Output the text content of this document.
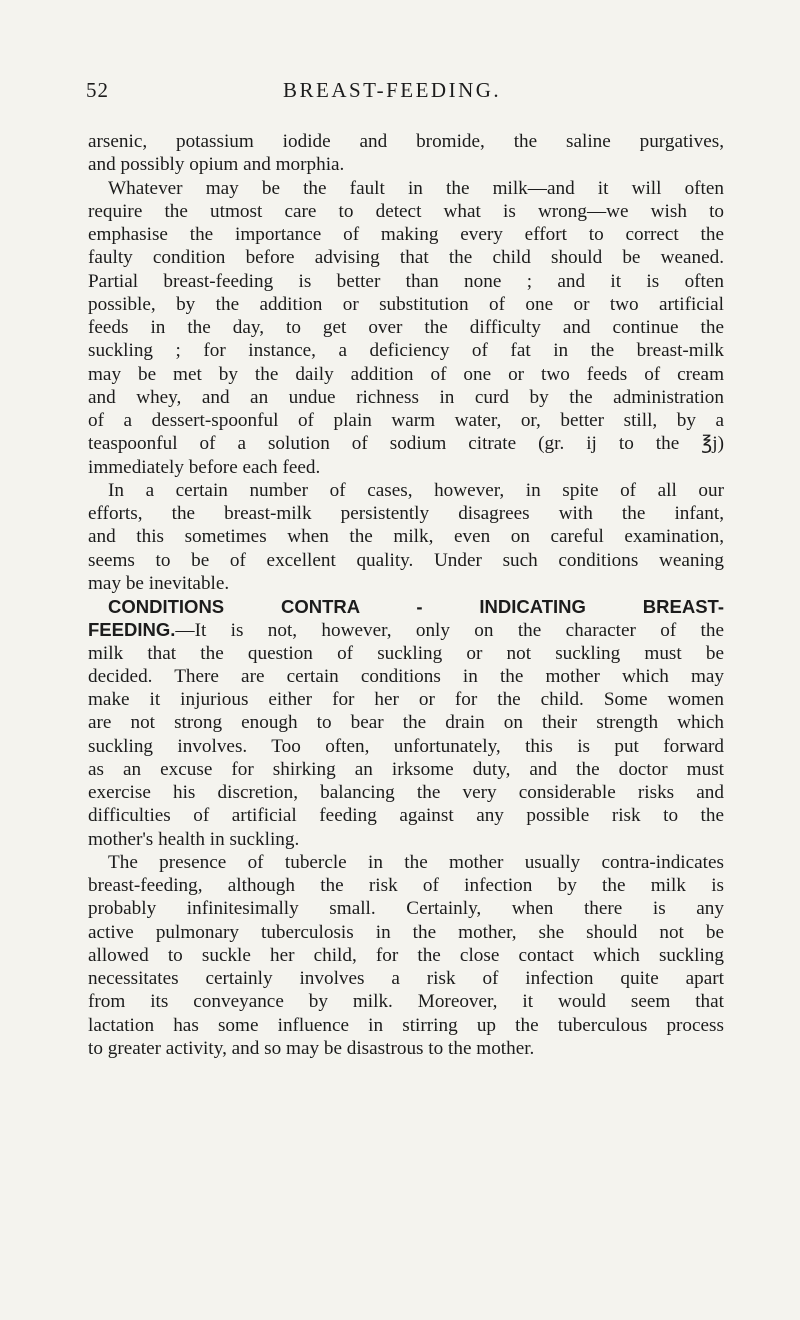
52	BREAST-FEEDING.
arsenic, potassium iodide and bromide, the saline purgatives,
and possibly opium and morphia.
Whatever may be the fault in the milk—and it will often
require the utmost care to detect what is wrong—we wish to
emphasise the importance of making every effort to correct the
faulty condition before advising that the child should be weaned.
Partial breast-feeding is better than none ; and it is often
possible, by the addition or substitution of one or two artificial
feeds in the day, to get over the difficulty and continue the
suckling ; for instance, a deficiency of fat in the breast-milk
may be met by the daily addition of one or two feeds of cream
and whey, and an undue richness in curd by the administration
of a dessert-spoonful of plain warm water, or, better still, by a
teaspoonful of a solution of sodium citrate (gr. ij to the ℥j)
immediately before each feed.
In a certain number of cases, however, in spite of all our
efforts, the breast-milk persistently disagrees with the infant,
and this sometimes when the milk, even on careful examination,
seems to be of excellent quality. Under such conditions weaning
may be inevitable.
CONDITIONS CONTRA - INDICATING BREAST-
FEEDING.—It is not, however, only on the character of the
milk that the question of suckling or not suckling must be
decided. There are certain conditions in the mother which may
make it injurious either for her or for the child. Some women
are not strong enough to bear the drain on their strength which
suckling involves. Too often, unfortunately, this is put forward
as an excuse for shirking an irksome duty, and the doctor must
exercise his discretion, balancing the very considerable risks and
difficulties of artificial feeding against any possible risk to the
mother's health in suckling.
The presence of tubercle in the mother usually contra-indicates
breast-feeding, although the risk of infection by the milk is
probably infinitesimally small. Certainly, when there is any
active pulmonary tuberculosis in the mother, she should not be
allowed to suckle her child, for the close contact which suckling
necessitates certainly involves a risk of infection quite apart
from its conveyance by milk. Moreover, it would seem that
lactation has some influence in stirring up the tuberculous process
to greater activity, and so may be disastrous to the mother.
